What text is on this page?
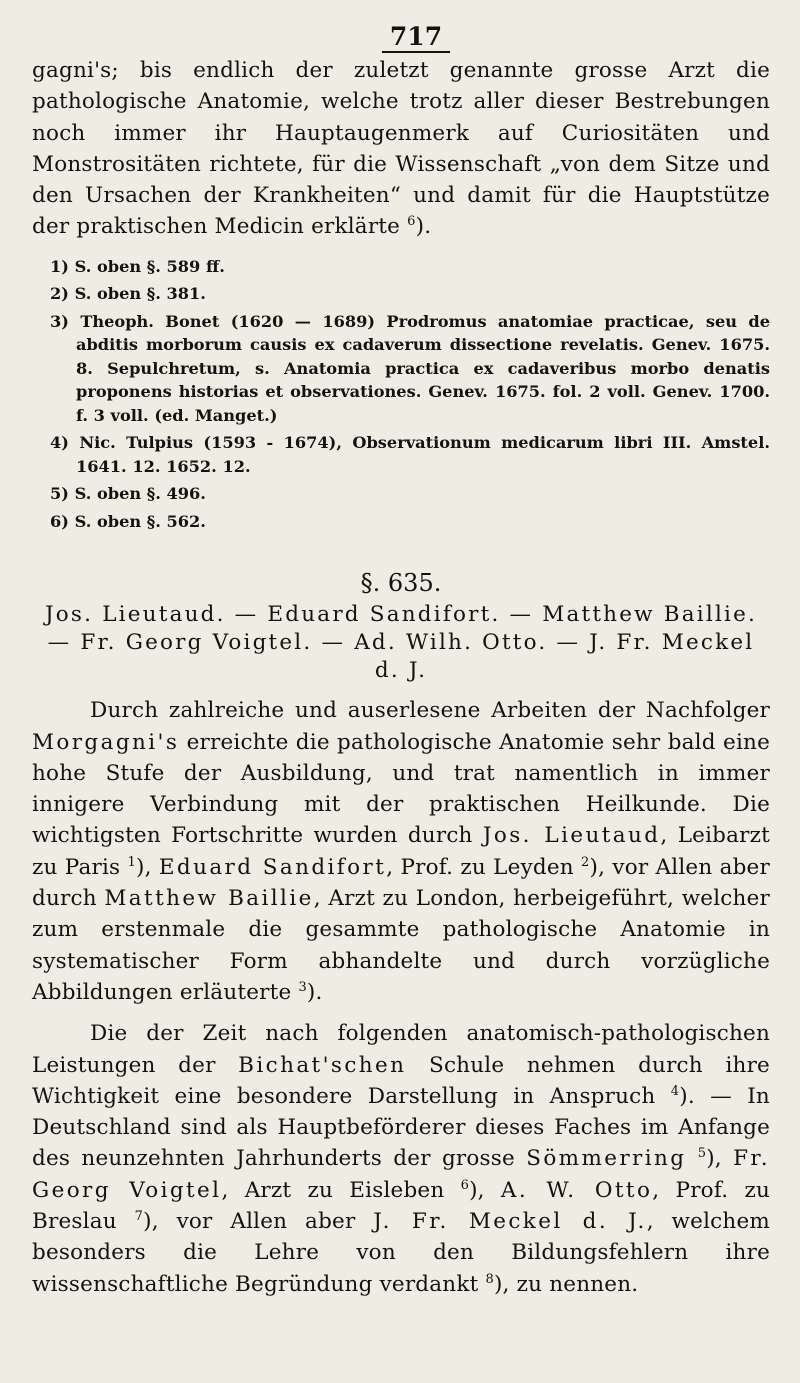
717

gagni's; bis endlich der zuletzt genannte grosse Arzt die pathologische Anatomie, welche trotz aller dieser Bestrebungen noch immer ihr Hauptaugenmerk auf Curiositäten und Monstrositäten richtete, für die Wissenschaft „von dem Sitze und den Ursachen der Krankheiten“ und damit für die Hauptstütze der praktischen Medicin erklärte $^6$).

1) S. oben §. 589 ff.
2) S. oben §. 381.
3) Theoph. Bonet (1620 — 1689) Prodromus anatomiae practicae, seu de abditis morborum causis ex cadaverum dissectione revelatis. Genev. 1675. 8. Sepulchretum, s. Anatomia practica ex cadaveribus morbo denatis proponens historias et observationes. Genev. 1675. fol. 2 voll. Genev. 1700. f. 3 voll. (ed. Manget.)
4) Nic. Tulpius (1593 - 1674), Observationum medicarum libri III. Amstel. 1641. 12. 1652. 12.
5) S. oben §. 496.
6) S. oben §. 562.
§. 635.
Jos. Lieutaud. — Eduard Sandifort. — Matthew Baillie. — Fr. Georg Voigtel. — Ad. Wilh. Otto. — J. Fr. Meckel d. J.

Durch zahlreiche und auserlesene Arbeiten der Nachfolger Morgagni's erreichte die pathologische Anatomie sehr bald eine hohe Stufe der Ausbildung, und trat namentlich in immer innigere Verbindung mit der praktischen Heilkunde. Die wichtigsten Fortschritte wurden durch Jos. Lieutaud, Leibarzt zu Paris $^1$), Eduard Sandifort, Prof. zu Leyden $^2$), vor Allen aber durch Matthew Baillie, Arzt zu London, herbeigeführt, welcher zum erstenmale die gesammte pathologische Anatomie in systematischer Form abhandelte und durch vorzügliche Abbildungen erläuterte $^3$).

Die der Zeit nach folgenden anatomisch-pathologischen Leistungen der Bichat'schen Schule nehmen durch ihre Wichtigkeit eine besondere Darstellung in Anspruch $^4$). — In Deutschland sind als Hauptbeförderer dieses Faches im Anfange des neunzehnten Jahrhunderts der grosse Sömmerring $^5$), Fr. Georg Voigtel, Arzt zu Eisleben $^6$), A. W. Otto, Prof. zu Breslau $^7$), vor Allen aber J. Fr. Meckel d. J., welchem besonders die Lehre von den Bildungsfehlern ihre wissenschaftliche Begründung verdankt $^8$), zu nennen.
